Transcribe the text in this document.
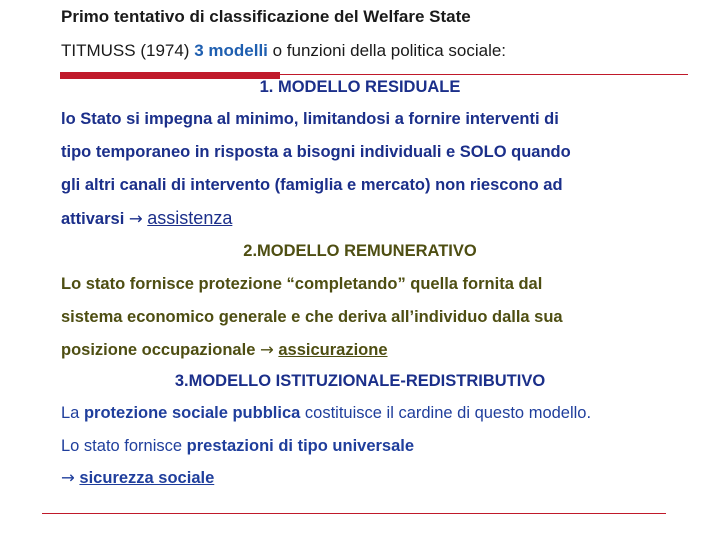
Primo tentativo di classificazione del Welfare State
TITMUSS (1974) 3 modelli o funzioni della politica sociale:
1. MODELLO RESIDUALE
lo Stato si impegna al minimo, limitandosi a fornire interventi di
tipo temporaneo in risposta a bisogni individuali e SOLO quando
gli altri canali di intervento (famiglia e mercato) non riescono ad
attivarsi → assistenza
2.MODELLO REMUNERATIVO
Lo stato fornisce protezione “completando” quella fornita dal
sistema economico generale e che deriva all’individuo dalla sua
posizione occupazionale → assicurazione
3.MODELLO ISTITUZIONALE-REDISTRIBUTIVO
La protezione sociale pubblica costituisce il cardine di questo modello.
Lo stato fornisce prestazioni di tipo universale
→ sicurezza sociale
